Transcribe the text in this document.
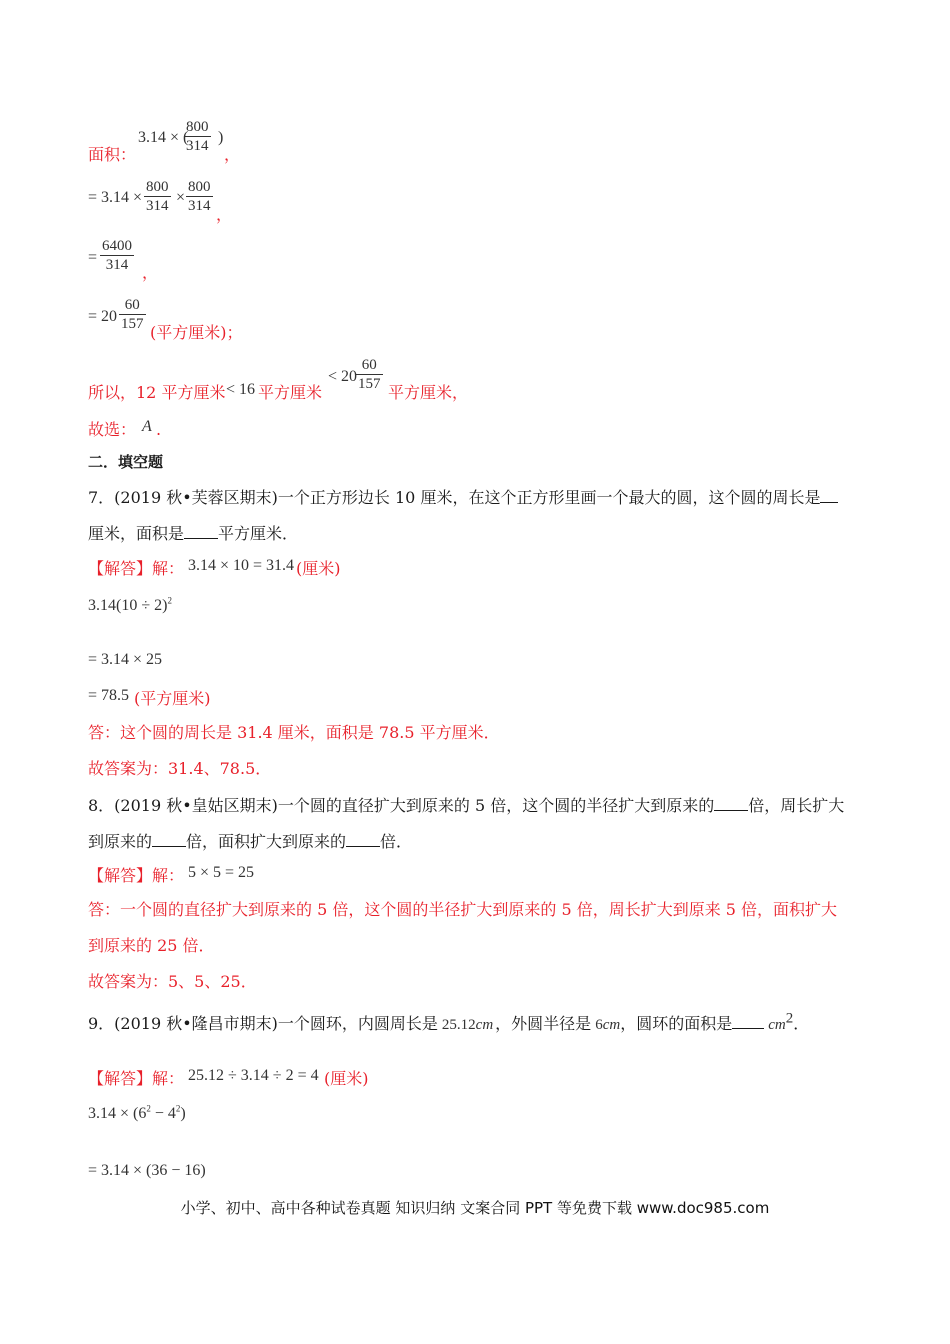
面积：
3.14 × (
$\frac{800}{314}$ )
，
= $3.14 \times \frac{800}{314} \times \frac{800}{314}$ ，
= $\frac{6400}{314}$ ，
= $20 \frac{60}{157}$ (平方厘米)；
所以，12 平方厘米 < 16 平方厘米
< 20
$\frac{60}{157}$ 平方厘米，
故选： A .
二．填空题
7．(2019 秋•芙蓉区期末)一个正方形边长 10 厘米，在这个正方形里画一个最大的圆，这个圆的周长是
厘米，面积是 平方厘米．
【解答】解： 3.14 × 10 = 31.4 (厘米)
$3.14(10 \div 2)^2$
= 3.14 × 25
= 78.5 (平方厘米)
答：这个圆的周长是 31.4 厘米，面积是 78.5 平方厘米．
故答案为：31.4、78.5．
8．(2019 秋•皇姑区期末)一个圆的直径扩大到原来的 5 倍，这个圆的半径扩大到原来的 倍，周长扩大
到原来的 倍，面积扩大到原来的 倍．
【解答】解： 5 × 5 = 25
答：一个圆的直径扩大到原来的 5 倍，这个圆的半径扩大到原来的 5 倍，周长扩大到原来 5 倍，面积扩大
到原来的 25 倍．
故答案为：5、5、25．
9．(2019 秋•隆昌市期末)一个圆环，内圆周长是 25.12cm ，外圆半径是 6cm，圆环的面积是 $cm^2$．
【解答】解： 25.12 ÷ 3.14 ÷ 2 = 4 (厘米)
$3.14 \times (6^2 - 4^2)$
= 3.14 × (36 − 16)
小学、初中、高中各种试卷真题 知识归纳 文案合同 PPT 等免费下载 www.doc985.com
